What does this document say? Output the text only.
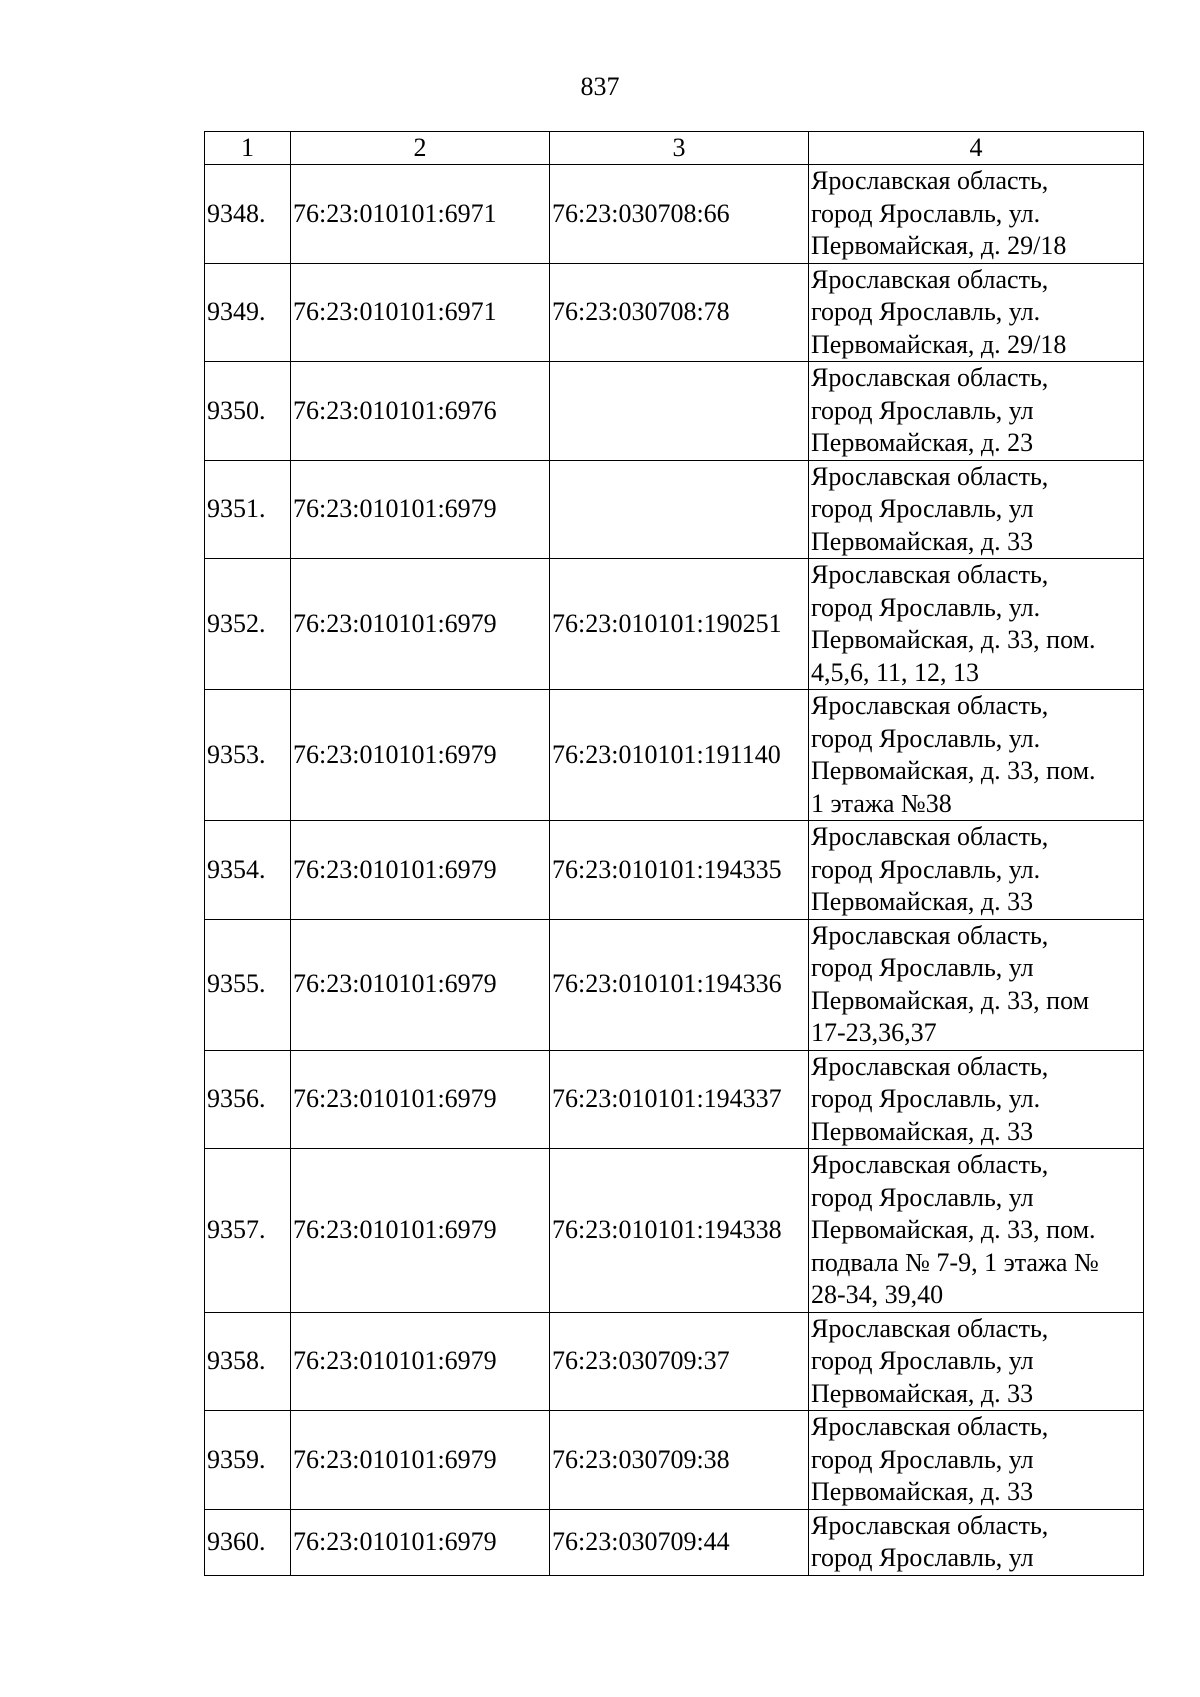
837
1	2	3	4
9348.	76:23:010101:6971	76:23:030708:66	Ярославская область,
город Ярославль, ул.
Первомайская, д. 29/18

9349.	76:23:010101:6971	76:23:030708:78	Ярославская область,
город Ярославль, ул.
Первомайская, д. 29/18

9350.	76:23:010101:6976		Ярославская область,
город Ярославль, ул
Первомайская, д. 23

9351.	76:23:010101:6979		Ярославская область,
город Ярославль, ул
Первомайская, д. 33

9352.	76:23:010101:6979	76:23:010101:190251	Ярославская область,
город Ярославль, ул.
Первомайская, д. 33, пом.
4,5,6, 11, 12, 13

9353.	76:23:010101:6979	76:23:010101:191140	Ярославская область,
город Ярославль, ул.
Первомайская, д. 33, пом.
1 этажа №38

9354.	76:23:010101:6979	76:23:010101:194335	Ярославская область,
город Ярославль, ул.
Первомайская, д. 33

9355.	76:23:010101:6979	76:23:010101:194336	Ярославская область,
город Ярославль, ул
Первомайская, д. 33, пом
17-23,36,37

9356.	76:23:010101:6979	76:23:010101:194337	Ярославская область,
город Ярославль, ул.
Первомайская, д. 33

9357.	76:23:010101:6979	76:23:010101:194338	Ярославская область,
город Ярославль, ул
Первомайская, д. 33, пом.
подвала № 7-9, 1 этажа №
28-34, 39,40

9358.	76:23:010101:6979	76:23:030709:37	Ярославская область,
город Ярославль, ул
Первомайская, д. 33

9359.	76:23:010101:6979	76:23:030709:38	Ярославская область,
город Ярославль, ул
Первомайская, д. 33

9360.	76:23:010101:6979	76:23:030709:44	Ярославская область,
город Ярославль, ул
